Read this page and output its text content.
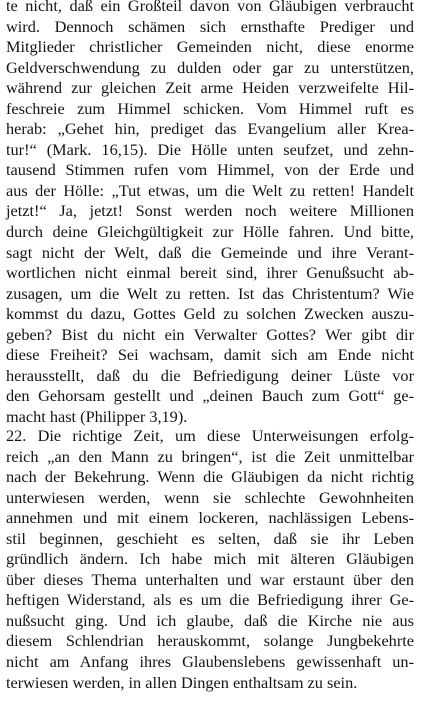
te nicht, daß ein Großteil davon von Gläubigen verbraucht
wird. Dennoch schämen sich ernsthafte Prediger und
Mitglieder christlicher Gemeinden nicht, diese enorme
Geldverschwendung zu dulden oder gar zu unterstützen,
während zur gleichen Zeit arme Heiden verzweifelte Hil-
feschreie zum Himmel schicken. Vom Himmel ruft es
herab: „Gehet hin, prediget das Evangelium aller Krea-
tur!“ (Mark. 16,15). Die Hölle unten seufzet, und zehn-
tausend Stimmen rufen vom Himmel, von der Erde und
aus der Hölle: „Tut etwas, um die Welt zu retten! Handelt
jetzt!“ Ja, jetzt! Sonst werden noch weitere Millionen
durch deine Gleichgültigkeit zur Hölle fahren. Und bitte,
sagt nicht der Welt, daß die Gemeinde und ihre Verant-
wortlichen nicht einmal bereit sind, ihrer Genußsucht ab-
zusagen, um die Welt zu retten. Ist das Christentum? Wie
kommst du dazu, Gottes Geld zu solchen Zwecken auszu-
geben? Bist du nicht ein Verwalter Gottes? Wer gibt dir
diese Freiheit? Sei wachsam, damit sich am Ende nicht
herausstellt, daß du die Befriedigung deiner Lüste vor
den Gehorsam gestellt und „deinen Bauch zum Gott“ ge-
macht hast (Philipper 3,19).
22. Die richtige Zeit, um diese Unterweisungen erfolg-
reich „an den Mann zu bringen“, ist die Zeit unmittelbar
nach der Bekehrung. Wenn die Gläubigen da nicht richtig
unterwiesen werden, wenn sie schlechte Gewohnheiten
annehmen und mit einem lockeren, nachlässigen Lebens-
stil beginnen, geschieht es selten, daß sie ihr Leben
gründlich ändern. Ich habe mich mit älteren Gläubigen
über dieses Thema unterhalten und war erstaunt über den
heftigen Widerstand, als es um die Befriedigung ihrer Ge-
nußsucht ging. Und ich glaube, daß die Kirche nie aus
diesem Schlendrian herauskommt, solange Jungbekehrte
nicht am Anfang ihres Glaubenslebens gewissenhaft un-
terwiesen werden, in allen Dingen enthaltsam zu sein.
